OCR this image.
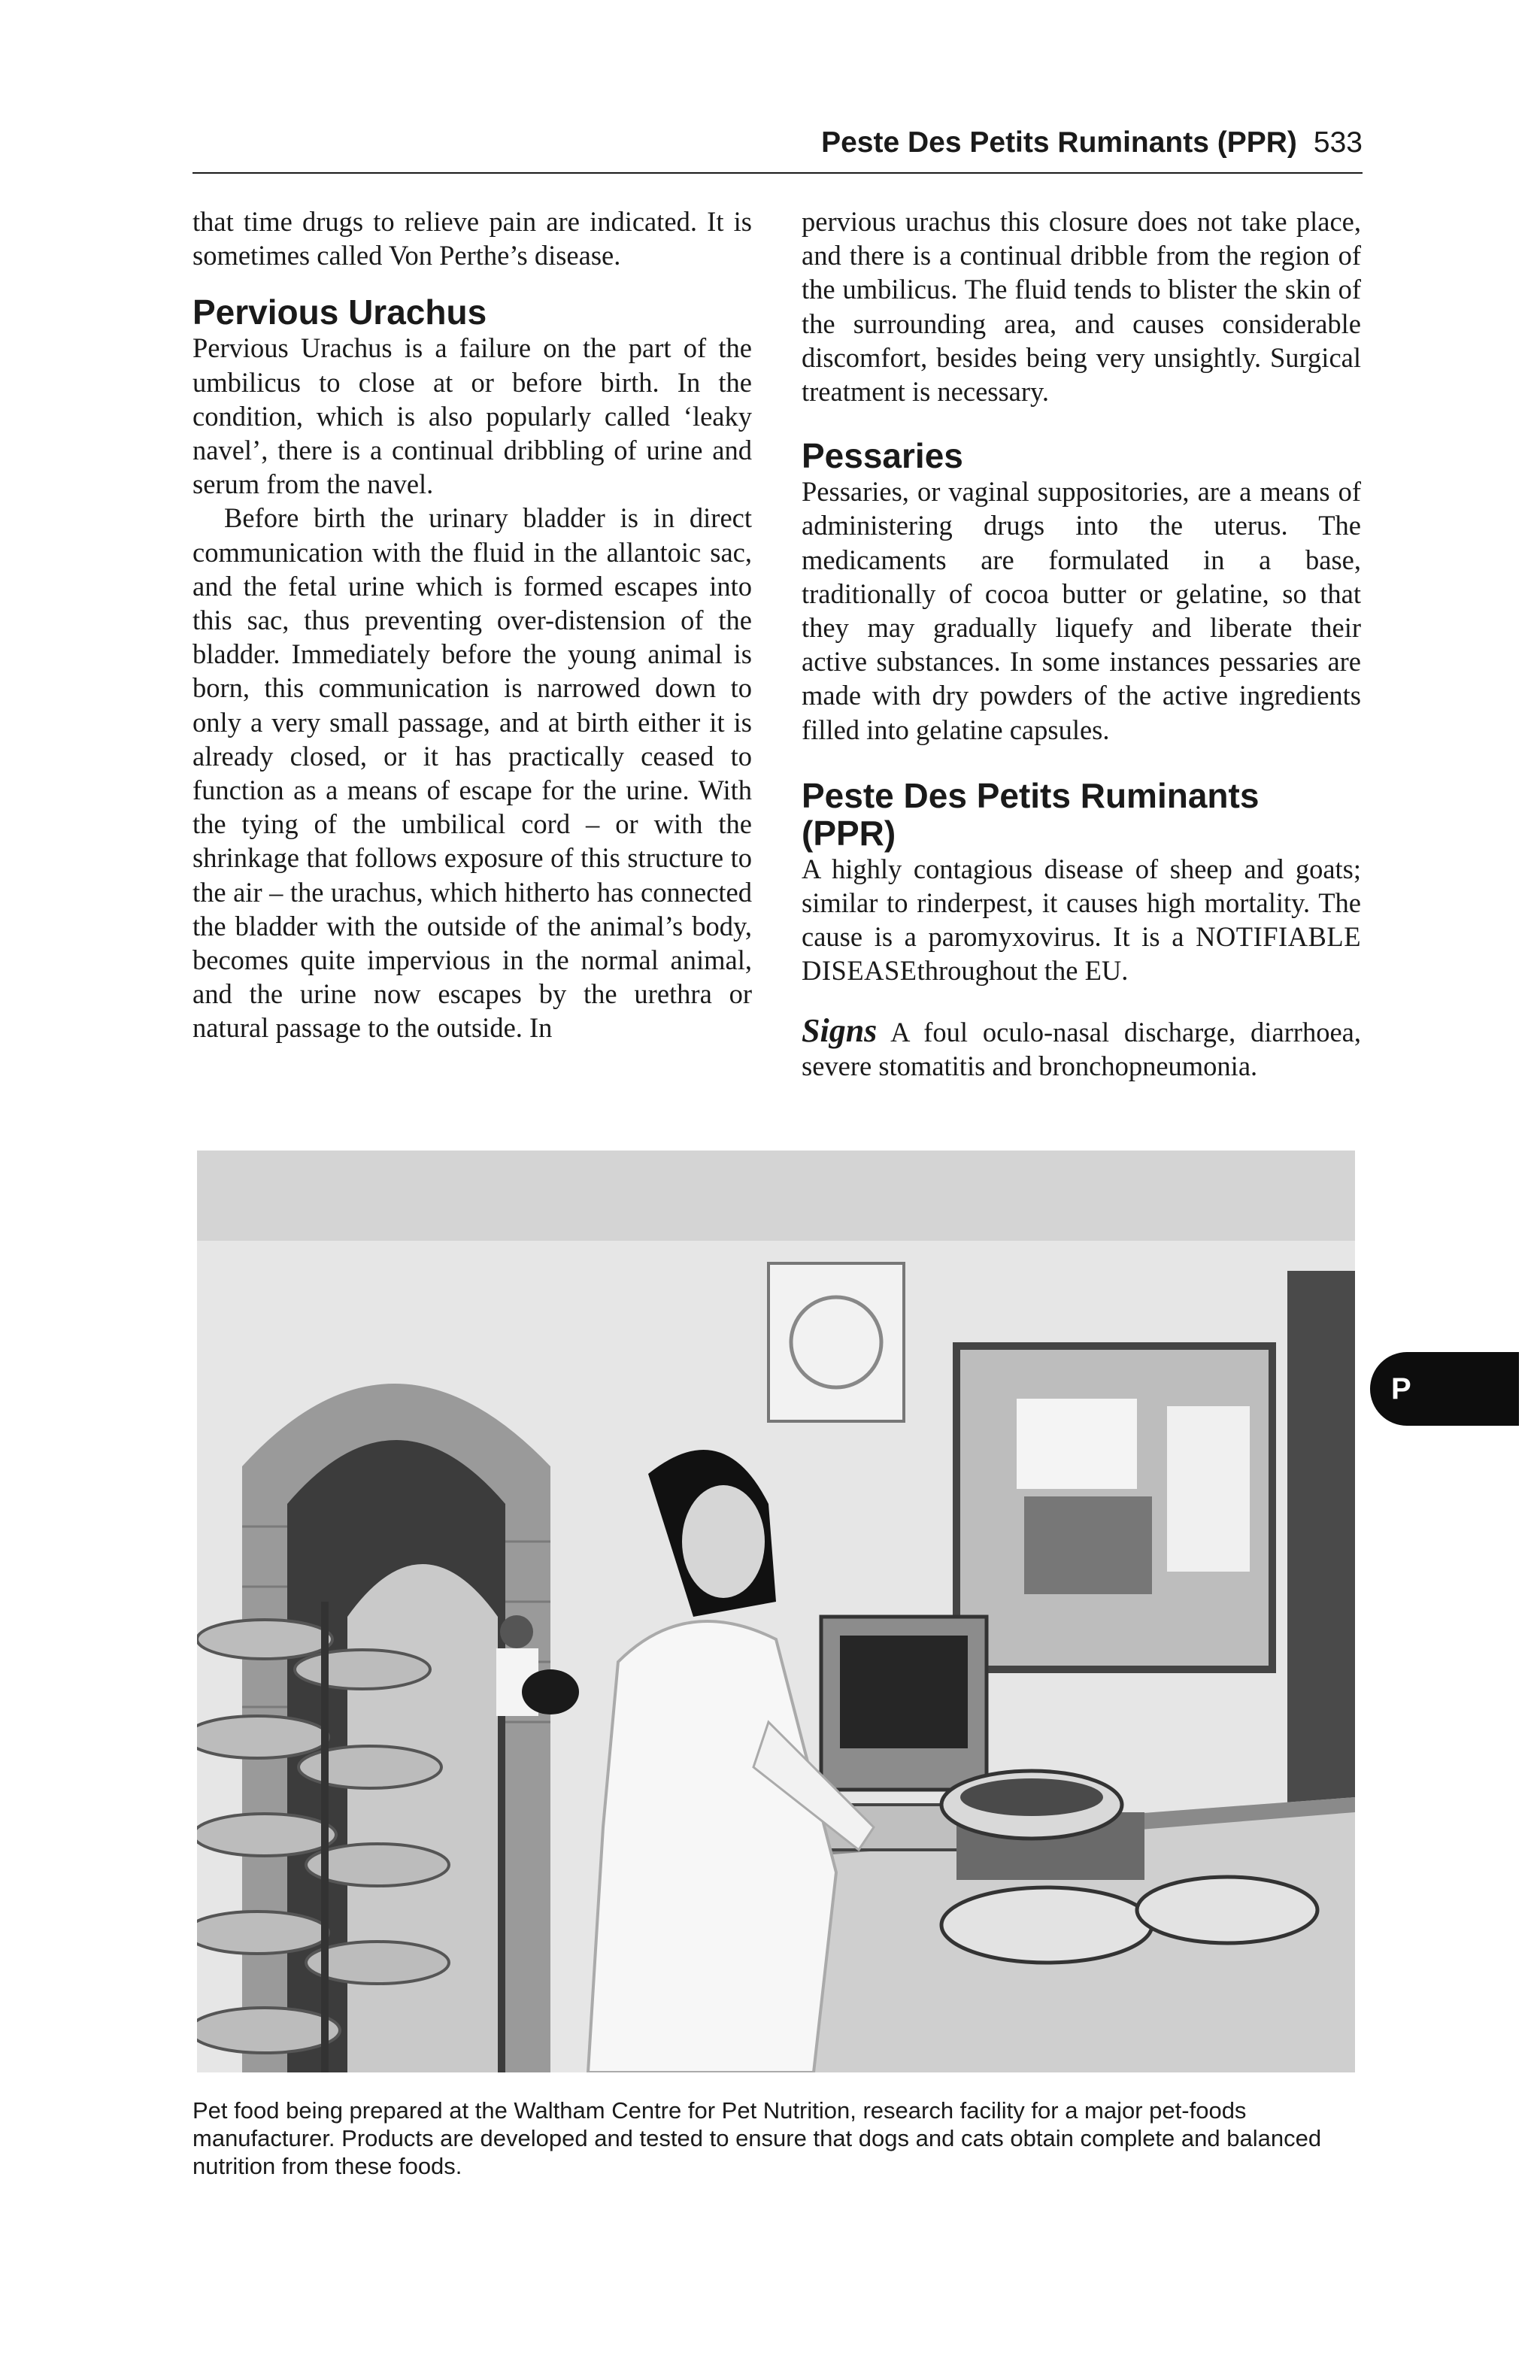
Peste Des Petits Ruminants (PPR) 533

that time drugs to relieve pain are indicated. It is sometimes called Von Perthe’s disease.

Pervious Urachus

Pervious Urachus is a failure on the part of the umbilicus to close at or before birth. In the condition, which is also popularly called ‘leaky navel’, there is a continual dribbling of urine and serum from the navel.

Before birth the urinary bladder is in direct communication with the fluid in the allantoic sac, and the fetal urine which is formed escapes into this sac, thus preventing over-distension of the bladder. Immediately before the young animal is born, this communication is narrowed down to only a very small passage, and at birth either it is already closed, or it has practically ceased to function as a means of escape for the urine. With the tying of the umbilical cord – or with the shrinkage that follows exposure of this structure to the air – the urachus, which hitherto has connected the bladder with the outside of the animal’s body, becomes quite impervious in the normal animal, and the urine now escapes by the urethra or natural passage to the outside. In

pervious urachus this closure does not take place, and there is a continual dribble from the region of the umbilicus. The fluid tends to blister the skin of the surrounding area, and causes considerable discomfort, besides being very unsightly. Surgical treatment is necessary.

Pessaries

Pessaries, or vaginal suppositories, are a means of administering drugs into the uterus. The medicaments are formulated in a base, traditionally of cocoa butter or gelatine, so that they may gradually liquefy and liberate their active substances. In some instances pessaries are made with dry powders of the active ingredients filled into gelatine capsules.

Peste Des Petits Ruminants (PPR)

A highly contagious disease of sheep and goats; similar to rinderpest, it causes high mortality. The cause is a paromyxovirus. It is a NOTIFIABLE DISEASEthroughout the EU.

Signs A foul oculo-nasal discharge, diarrhoea, severe stomatitis and bronchopneumonia.

P
Pet food being prepared at the Waltham Centre for Pet Nutrition, research facility for a major pet-foods manufacturer. Products are developed and tested to ensure that dogs and cats obtain complete and balanced nutrition from these foods.
